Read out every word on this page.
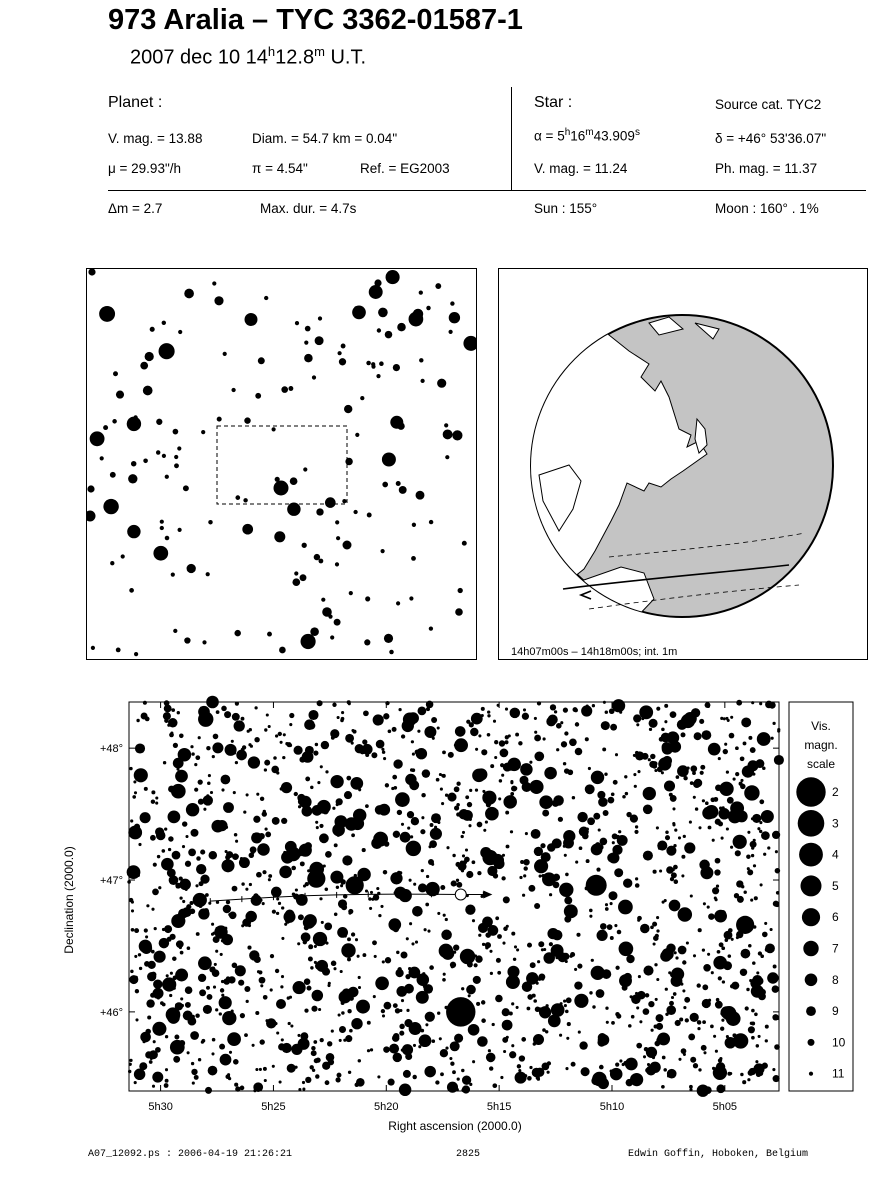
973 Aralia – TYC 3362-01587-1
2007 dec 10 14$^h$12.8$^m$ U.T.
Planet :
V. mag. = 13.88	Diam. = 54.7 km = 0.04"
μ = 29.93"/h	π = 4.54"	Ref. = EG2003
Star :	Source cat. TYC2
$\alpha = 5^h16^m43.909^s$	δ = +46° 53'36.07"
V. mag. = 11.24	Ph. mag. = 11.37
Δm = 2.7	Max. dur. = 4.7s	Sun : 155°	Moon : 160° . 1%
14h07m00s – 14h18m00s; int. 1m
5h30	5h25	5h20	5h15	5h10	5h05
+48°
+47°
+46°
Right ascension (2000.0)
Declination (2000.0)
Vis.
magn.
scale
2
3
4
5
6
7
8
9
10
11
A07_12092.ps : 2006-04-19 21:26:21	2825	Edwin Goffin, Hoboken, Belgium
